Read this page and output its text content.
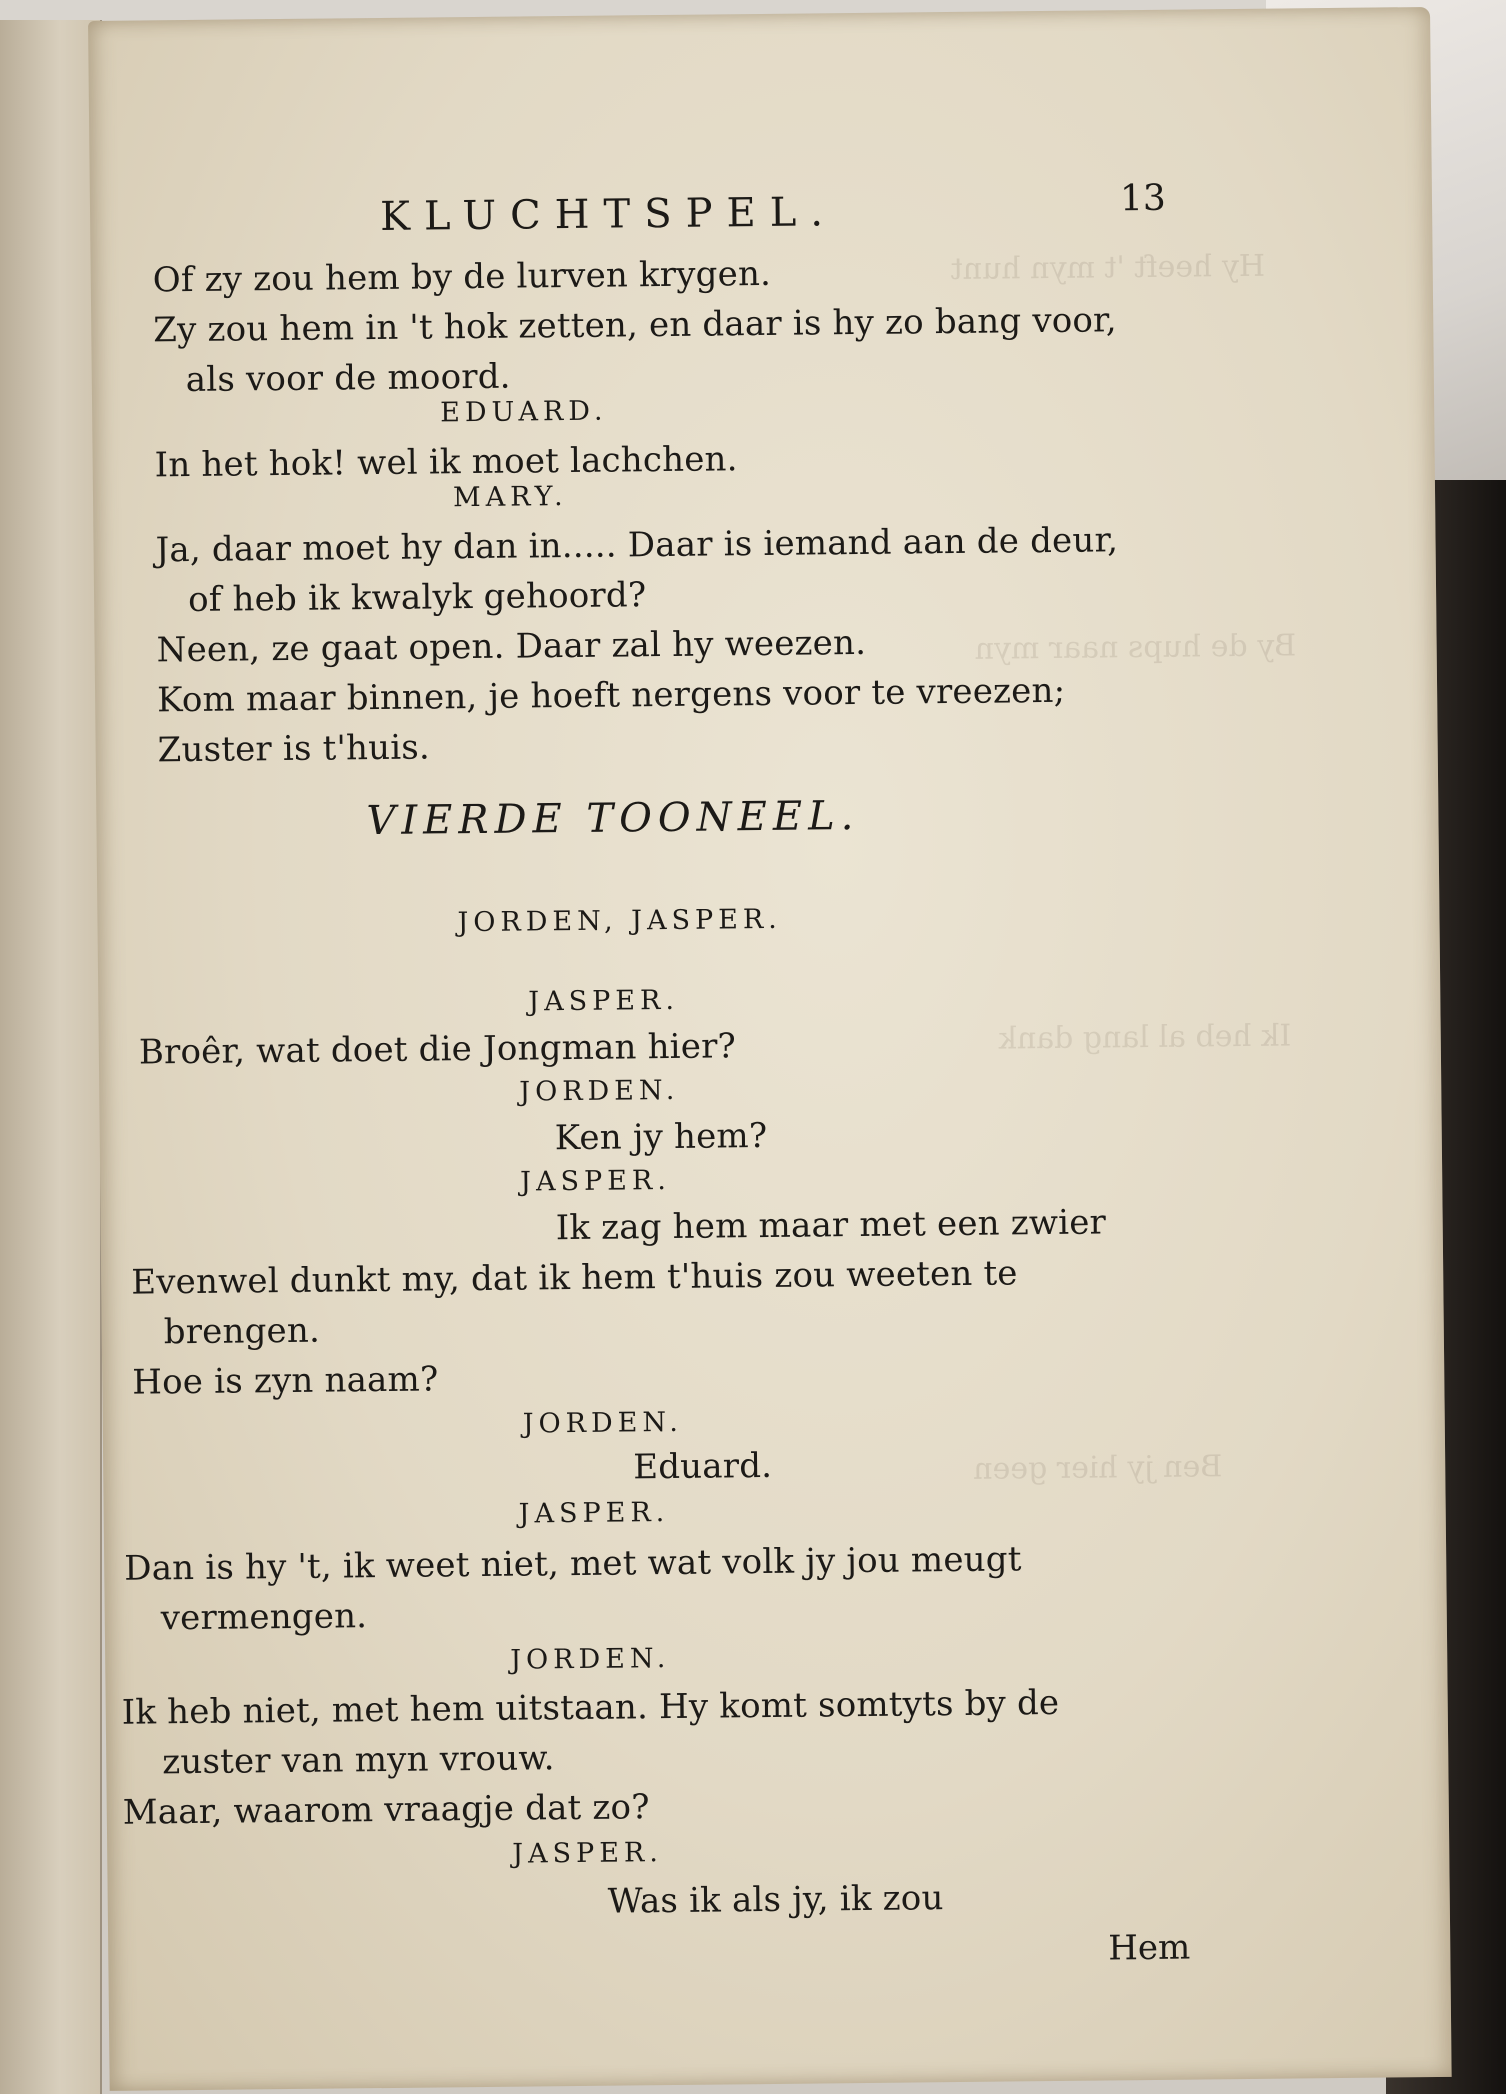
Hy heeft 't myn hunt
By de hups naar myn
Ik heb al lang dank
Ben jy hier geen
KLUCHTSPEL.	13
Of zy zou hem by de lurven krygen.
Zy zou hem in 't hok zetten, en daar is hy zo bang voor,
als voor de moord.
EDUARD.
In het hok! wel ik moet lachchen.
MARY.
Ja, daar moet hy dan in..... Daar is iemand aan de deur,
of heb ik kwalyk gehoord?
Neen, ze gaat open. Daar zal hy weezen.
Kom maar binnen, je hoeft nergens voor te vreezen;
Zuster is t'huis.
VIERDE TOONEEL.
JORDEN, JASPER.
JASPER.
Broêr, wat doet die Jongman hier?
JORDEN.
Ken jy hem?
JASPER.
Ik zag hem maar met een zwier
Evenwel dunkt my, dat ik hem t'huis zou weeten te
brengen.
Hoe is zyn naam?
JORDEN.
Eduard.
JASPER.
Dan is hy 't, ik weet niet, met wat volk jy jou meugt
vermengen.
JORDEN.
Ik heb niet, met hem uitstaan. Hy komt somtyts by de
zuster van myn vrouw.
Maar, waarom vraagje dat zo?
JASPER.
Was ik als jy, ik zou
Hem
